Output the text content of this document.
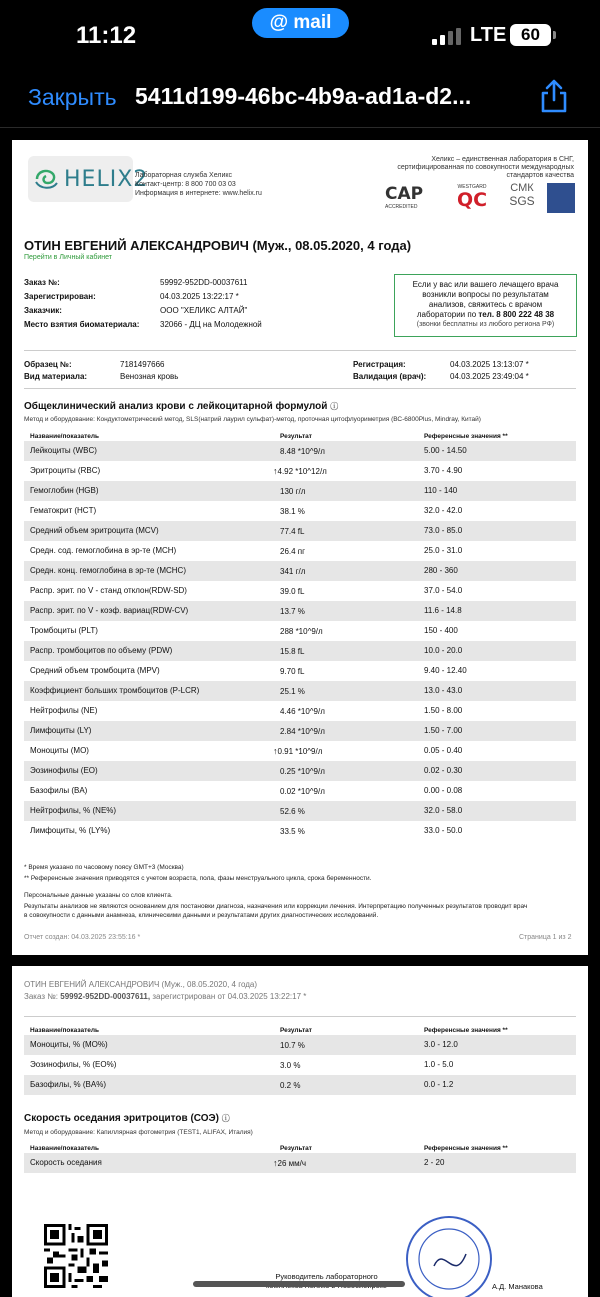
11:12	@ mail
LTE 60
Закрыть 5411d199-46bc-4b9a-ad1a-d2...
HELIX2
Лабораторная служба Хеликс
Контакт-центр: 8 800 700 03 03
Информация в интернете: www.helix.ru
Хеликс – единственная лаборатория в СНГ, сертифицированная по совокупности международных стандартов качества
CAP
ACCREDITED
WESTGARD
QC
СМК
SGS
ОТИН ЕВГЕНИЙ АЛЕКСАНДРОВИЧ (Муж., 08.05.2020, 4 года)
Перейти в Личный кабинет
Заказ №:	59992-952DD-00037611
Зарегистрирован:	04.03.2025 13:22:17 *
Заказчик:	ООО "ХЕЛИКС АЛТАЙ"
Место взятия биоматериала:	32066 - ДЦ на Молодежной
Если у вас или вашего лечащего врача
возникли вопросы по результатам
анализов, свяжитесь с врачом
лаборатории по тел. 8 800 222 48 38
(звонки бесплатны из любого региона РФ)
Образец №:	7181497666
Вид материала:	Венозная кровь
Регистрация:	04.03.2025 13:13:07 *
Валидация (врач):	04.03.2025 23:49:04 *
Общеклинический анализ крови с лейкоцитарной формулой ⓘ
Метод и оборудование: Кондуктометрический метод, SLS(натрий лаурил сульфат)-метод, проточная цитофлуориметрия (ВС-6800Plus, Mindray, Китай)
Название/показатель	Результат	Референсные значения **
Лейкоциты (WBC)	8.48 *10^9/л	5.00 - 14.50
Эритроциты (RBC)	↑4.92 *10^12/л	3.70 - 4.90
Гемоглобин (HGB)	130 г/л	110 - 140
Гематокрит (HCT)	38.1 %	32.0 - 42.0
Средний объем эритроцита (MCV)	77.4 fL	73.0 - 85.0
Средн. сод. гемоглобина в эр-те (MCH)	26.4 пг	25.0 - 31.0
Средн. конц. гемоглобина в эр-те (MCHC)	341 г/л	280 - 360
Распр. эрит. по V - станд отклон(RDW-SD)	39.0 fL	37.0 - 54.0
Распр. эрит. по V - коэф. вариац(RDW-CV)	13.7 %	11.6 - 14.8
Тромбоциты (PLT)	288 *10^9/л	150 - 400
Распр. тромбоцитов по объему (PDW)	15.8 fL	10.0 - 20.0
Средний объем тромбоцита (MPV)	9.70 fL	9.40 - 12.40
Коэффициент больших тромбоцитов (P-LCR)	25.1 %	13.0 - 43.0
Нейтрофилы (NE)	4.46 *10^9/л	1.50 - 8.00
Лимфоциты (LY)	2.84 *10^9/л	1.50 - 7.00
Моноциты (MO)	↑0.91 *10^9/л	0.05 - 0.40
Эозинофилы (EO)	0.25 *10^9/л	0.02 - 0.30
Базофилы (BA)	0.02 *10^9/л	0.00 - 0.08
Нейтрофилы, % (NE%)	52.6 %	32.0 - 58.0
Лимфоциты, % (LY%)	33.5 %	33.0 - 50.0
* Время указано по часовому поясу GMT+3 (Москва)
** Референсные значения приводятся с учетом возраста, пола, фазы менструального цикла, срока беременности.
Персональные данные указаны со слов клиента.
Результаты анализов не являются основанием для постановки диагноза, назначения или коррекции лечения. Интерпретацию полученных результатов проводит врач
в совокупности с данными анамнеза, клиническими данными и результатами других диагностических исследований.
Отчет создан: 04.03.2025 23:55:16 *	Страница 1 из 2
ОТИН ЕВГЕНИЙ АЛЕКСАНДРОВИЧ (Муж., 08.05.2020, 4 года)
Заказ №: 59992-952DD-00037611, зарегистрирован от 04.03.2025 13:22:17 *
Название/показатель	Результат	Референсные значения **
Моноциты, % (MO%)	10.7 %	3.0 - 12.0
Эозинофилы, % (EO%)	3.0 %	1.0 - 5.0
Базофилы, % (BA%)	0.2 %	0.0 - 1.2
Скорость оседания эритроцитов (СОЭ) ⓘ
Метод и оборудование: Капиллярная фотометрия (TEST1, ALIFAX, Италия)
Название/показатель	Результат	Референсные значения **
Скорость оседания	↑26 мм/ч	2 - 20
Руководитель лабораторного
А.Д. Манакова
